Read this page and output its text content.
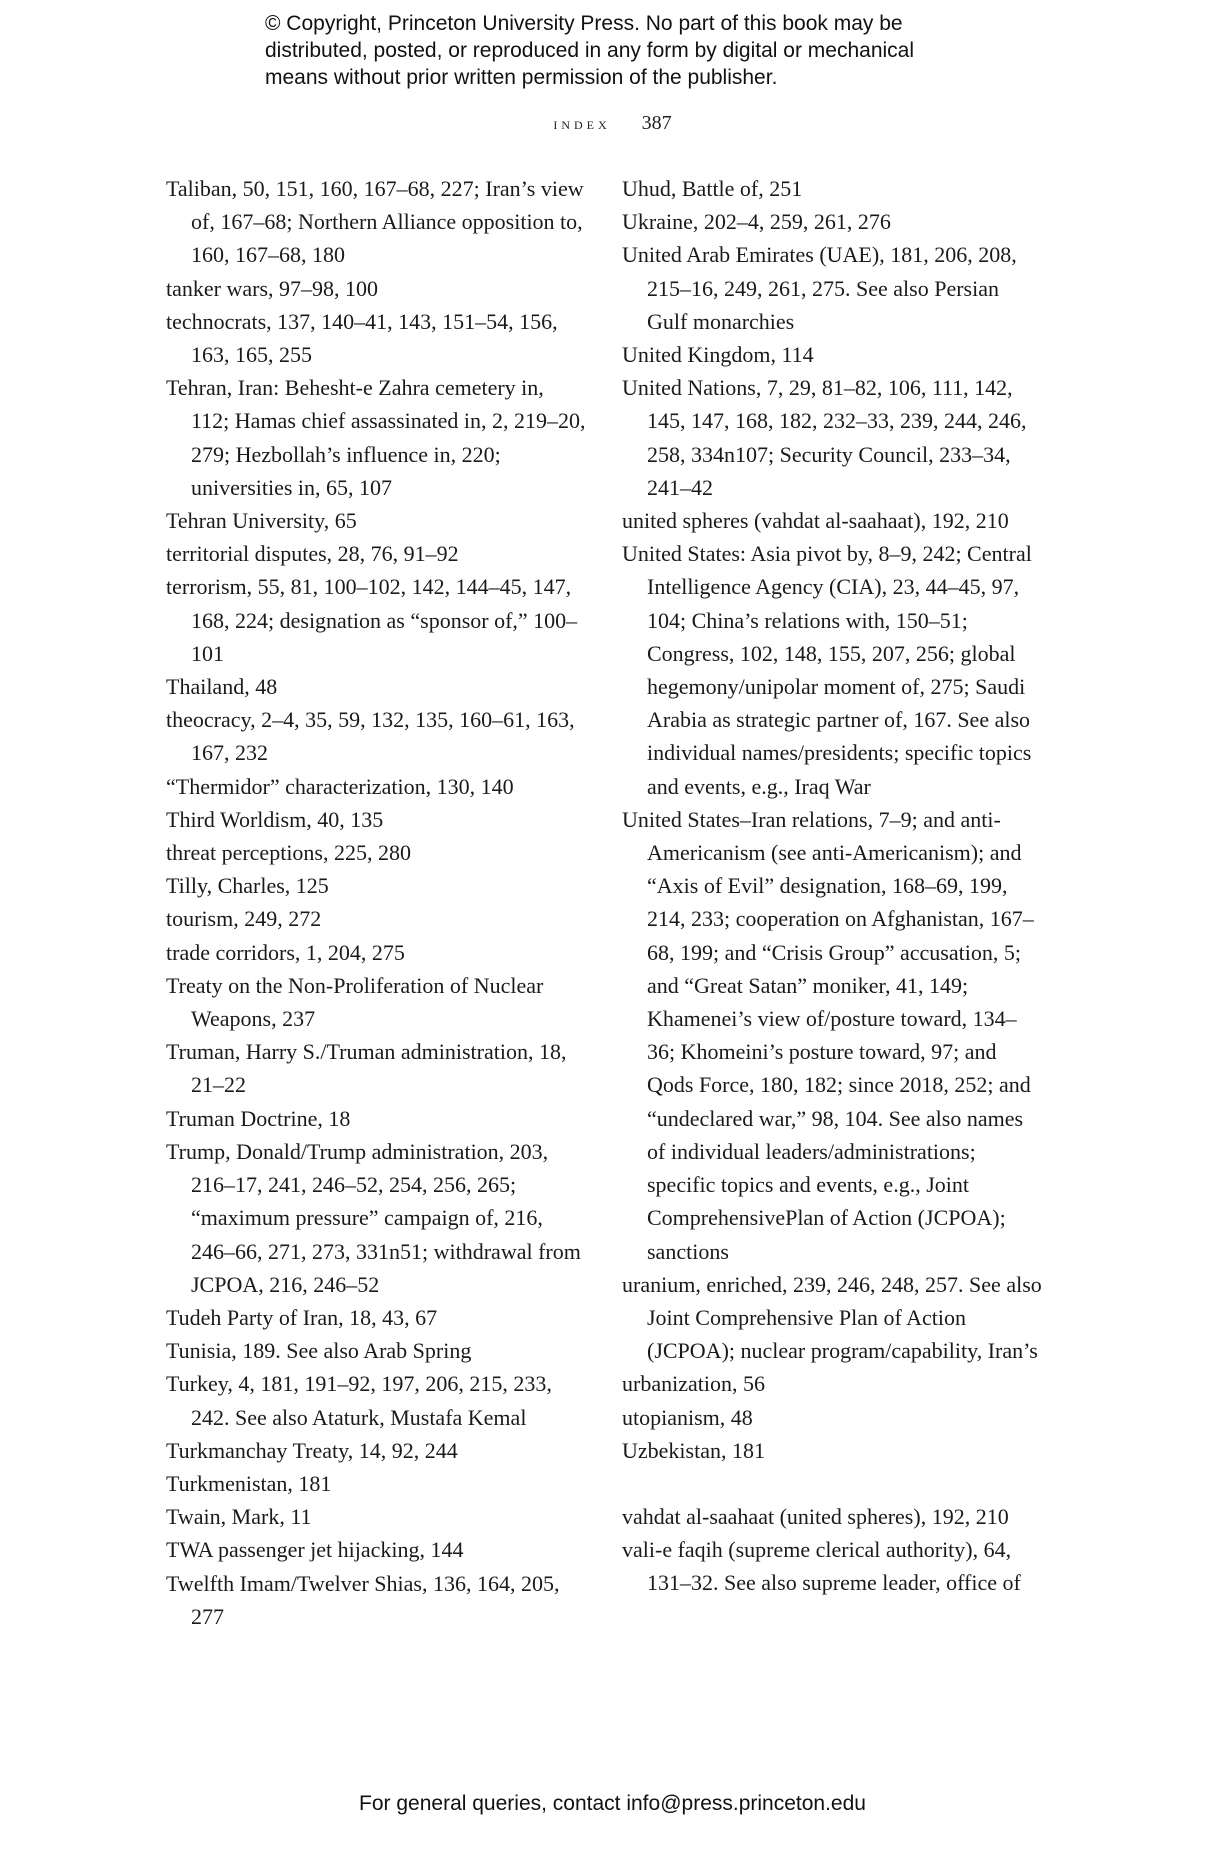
© Copyright, Princeton University Press. No part of this book may be
distributed, posted, or reproduced in any form by digital or mechanical
means without prior written permission of the publisher.
index 387
Taliban, 50, 151, 160, 167–68, 227; Iran’s view of, 167–68; Northern Alliance opposition to, 160, 167–68, 180
tanker wars, 97–98, 100
technocrats, 137, 140–41, 143, 151–54, 156, 163, 165, 255
Tehran, Iran: Behesht-e Zahra cemetery in, 112; Hamas chief assassinated in, 2, 219–20, 279; Hezbollah’s influence in, 220; universities in, 65, 107
Tehran University, 65
territorial disputes, 28, 76, 91–92
terrorism, 55, 81, 100–102, 142, 144–45, 147, 168, 224; designation as “sponsor of,” 100–101
Thailand, 48
theocracy, 2–4, 35, 59, 132, 135, 160–61, 163, 167, 232
“Thermidor” characterization, 130, 140
Third Worldism, 40, 135
threat perceptions, 225, 280
Tilly, Charles, 125
tourism, 249, 272
trade corridors, 1, 204, 275
Treaty on the Non-Proliferation of Nuclear Weapons, 237
Truman, Harry S./Truman administration, 18, 21–22
Truman Doctrine, 18
Trump, Donald/Trump administration, 203, 216–17, 241, 246–52, 254, 256, 265; “maximum pressure” campaign of, 216, 246–66, 271, 273, 331n51; withdrawal from JCPOA, 216, 246–52
Tudeh Party of Iran, 18, 43, 67
Tunisia, 189. See also Arab Spring
Turkey, 4, 181, 191–92, 197, 206, 215, 233, 242. See also Ataturk, Mustafa Kemal
Turkmanchay Treaty, 14, 92, 244
Turkmenistan, 181
Twain, Mark, 11
TWA passenger jet hijacking, 144
Twelfth Imam/Twelver Shias, 136, 164, 205, 277
Uhud, Battle of, 251
Ukraine, 202–4, 259, 261, 276
United Arab Emirates (UAE), 181, 206, 208, 215–16, 249, 261, 275. See also Persian Gulf monarchies
United Kingdom, 114
United Nations, 7, 29, 81–82, 106, 111, 142, 145, 147, 168, 182, 232–33, 239, 244, 246, 258, 334n107; Security Council, 233–34, 241–42
united spheres (vahdat al-saahaat), 192, 210
United States: Asia pivot by, 8–9, 242; Central Intelligence Agency (CIA), 23, 44–45, 97, 104; China’s relations with, 150–51; Congress, 102, 148, 155, 207, 256; global hegemony/unipolar moment of, 275; Saudi Arabia as strategic partner of, 167. See also individual names/presidents; specific topics and events, e.g., Iraq War
United States–Iran relations, 7–9; and anti-Americanism (see anti-Americanism); and “Axis of Evil” designation, 168–69, 199, 214, 233; cooperation on Afghanistan, 167–68, 199; and “Crisis Group” accusation, 5; and “Great Satan” moniker, 41, 149; Khamenei’s view of/posture toward, 134–36; Khomeini’s posture toward, 97; and Qods Force, 180, 182; since 2018, 252; and “undeclared war,” 98, 104. See also names of individual leaders/administrations; specific topics and events, e.g., Joint ComprehensivePlan of Action (JCPOA); sanctions
uranium, enriched, 239, 246, 248, 257. See also Joint Comprehensive Plan of Action (JCPOA); nuclear program/capability, Iran’s
urbanization, 56
utopianism, 48
Uzbekistan, 181
vahdat al-saahaat (united spheres), 192, 210
vali-e faqih (supreme clerical authority), 64, 131–32. See also supreme leader, office of
For general queries, contact info@press.princeton.edu
